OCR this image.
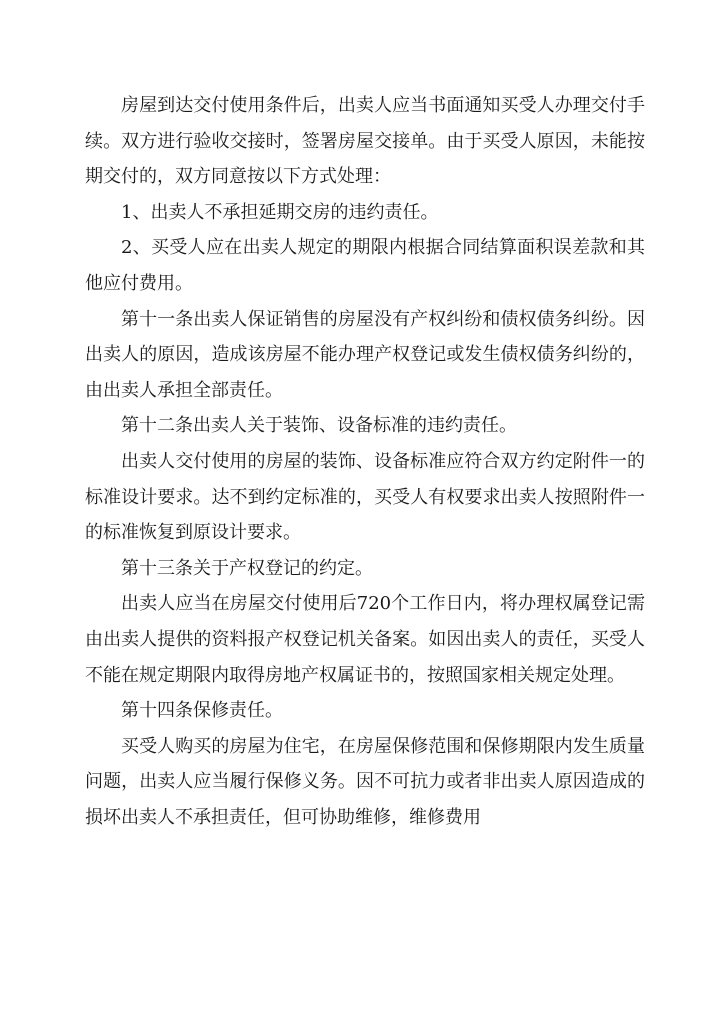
房屋到达交付使用条件后，出卖人应当书面通知买受人办理交付手续。双方进行验收交接时，签署房屋交接单。由于买受人原因，未能按期交付的，双方同意按以下方式处理：

1、出卖人不承担延期交房的违约责任。

2、买受人应在出卖人规定的期限内根据合同结算面积误差款和其他应付费用。

第十一条出卖人保证销售的房屋没有产权纠纷和债权债务纠纷。因出卖人的原因，造成该房屋不能办理产权登记或发生债权债务纠纷的，由出卖人承担全部责任。

第十二条出卖人关于装饰、设备标准的违约责任。

出卖人交付使用的房屋的装饰、设备标准应符合双方约定附件一的标准设计要求。达不到约定标准的，买受人有权要求出卖人按照附件一的标准恢复到原设计要求。

第十三条关于产权登记的约定。

出卖人应当在房屋交付使用后720个工作日内，将办理权属登记需由出卖人提供的资料报产权登记机关备案。如因出卖人的责任，买受人不能在规定期限内取得房地产权属证书的，按照国家相关规定处理。

第十四条保修责任。

买受人购买的房屋为住宅，在房屋保修范围和保修期限内发生质量问题，出卖人应当履行保修义务。因不可抗力或者非出卖人原因造成的损坏出卖人不承担责任，但可协助维修，维修费用
